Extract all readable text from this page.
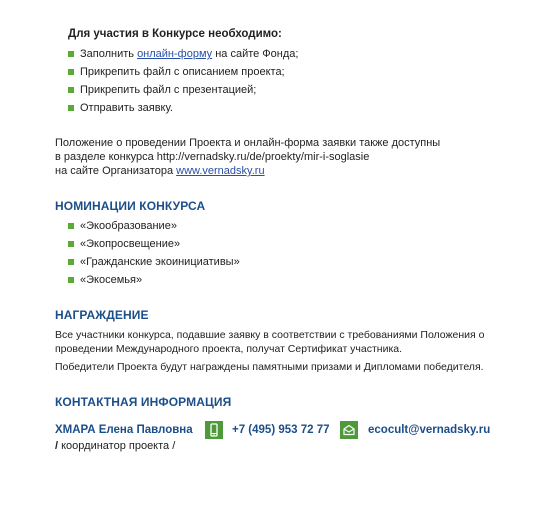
Для участия в Конкурсе необходимо:

Заполнить онлайн-форму на сайте Фонда;
Прикрепить файл с описанием проекта;
Прикрепить файл с презентацией;
Отправить заявку.
Положение о проведении Проекта и онлайн-форма заявки также доступны
в разделе конкурса http://vernadsky.ru/de/proekty/mir-i-soglasie
на сайте Организатора www.vernadsky.ru
НОМИНАЦИИ КОНКУРСА
«Экообразование»
«Экопросвещение»
«Гражданские экоинициативы»
«Экосемья»
НАГРАЖДЕНИЕ

Все участники конкурса, подавшие заявку в соответствии с требованиями Положения о проведении Международного проекта, получат Сертификат участника.

Победители Проекта будут награждены памятными призами и Дипломами победителя.

КОНТАКТНАЯ ИНФОРМАЦИЯ
ХМАРА Елена Павловна	+7 (495) 953 72 77	ecocult@vernadsky.ru
/ координатор проекта /
